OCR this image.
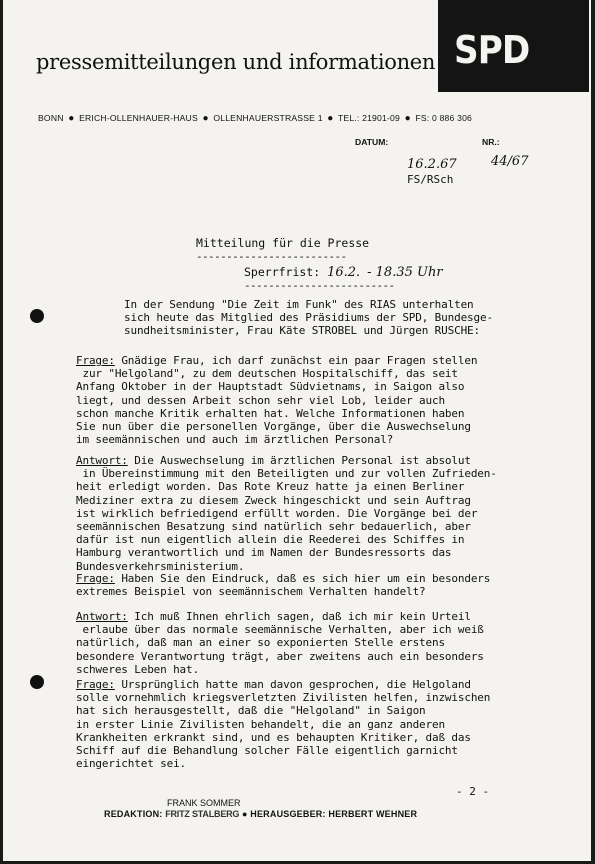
pressemitteilungen und informationen SPD
BONN ● ERICH-OLLENHAUER-HAUS ● OLLENHAUERSTRASSE 1 ● TEL.: 21901-09 ● FS: 0 886 306
DATUM:	NR.:
16.2.67	44/67
FS/RSch
Mitteilung für die Presse
-------------------------
Sperrfrist: 16.2. - 18.35 Uhr
-------------------------
In der Sendung "Die Zeit im Funk" des RIAS unterhalten
sich heute das Mitglied des Präsidiums der SPD, Bundesge-
sundheitsminister, Frau Käte STROBEL und Jürgen RUSCHE:
Frage: Gnädige Frau, ich darf zunächst ein paar Fragen stellen
zur "Helgoland", zu dem deutschen Hospitalschiff, das seit
Anfang Oktober in der Hauptstadt Südvietnams, in Saigon also
liegt, und dessen Arbeit schon sehr viel Lob, leider auch
schon manche Kritik erhalten hat. Welche Informationen haben
Sie nun über die personellen Vorgänge, über die Auswechselung
im seemännischen und auch im ärztlichen Personal?
Antwort: Die Auswechselung im ärztlichen Personal ist absolut
in Übereinstimmung mit den Beteiligten und zur vollen Zufrieden-
heit erledigt worden. Das Rote Kreuz hatte ja einen Berliner
Mediziner extra zu diesem Zweck hingeschickt und sein Auftrag
ist wirklich befriedigend erfüllt worden. Die Vorgänge bei der
seemännischen Besatzung sind natürlich sehr bedauerlich, aber
dafür ist nun eigentlich allein die Reederei des Schiffes in
Hamburg verantwortlich und im Namen der Bundesressorts das
Bundesverkehrsministerium.
Frage: Haben Sie den Eindruck, daß es sich hier um ein besonders
extremes Beispiel von seemännischem Verhalten handelt?
Antwort: Ich muß Ihnen ehrlich sagen, daß ich mir kein Urteil
erlaube über das normale seemännische Verhalten, aber ich weiß
natürlich, daß man an einer so exponierten Stelle erstens
besondere Verantwortung trägt, aber zweitens auch ein besonders
schweres Leben hat.
Frage: Ursprünglich hatte man davon gesprochen, die Helgoland
solle vornehmlich kriegsverletzten Zivilisten helfen, inzwischen
hat sich herausgestellt, daß die "Helgoland" in Saigon
in erster Linie Zivilisten behandelt, die an ganz anderen
Krankheiten erkrankt sind, und es behaupten Kritiker, daß das
Schiff auf die Behandlung solcher Fälle eigentlich garnicht
eingerichtet sei.
- 2 -
FRANK SOMMER
REDAKTION: FRITZ STALBERG ● HERAUSGEBER: HERBERT WEHNER
